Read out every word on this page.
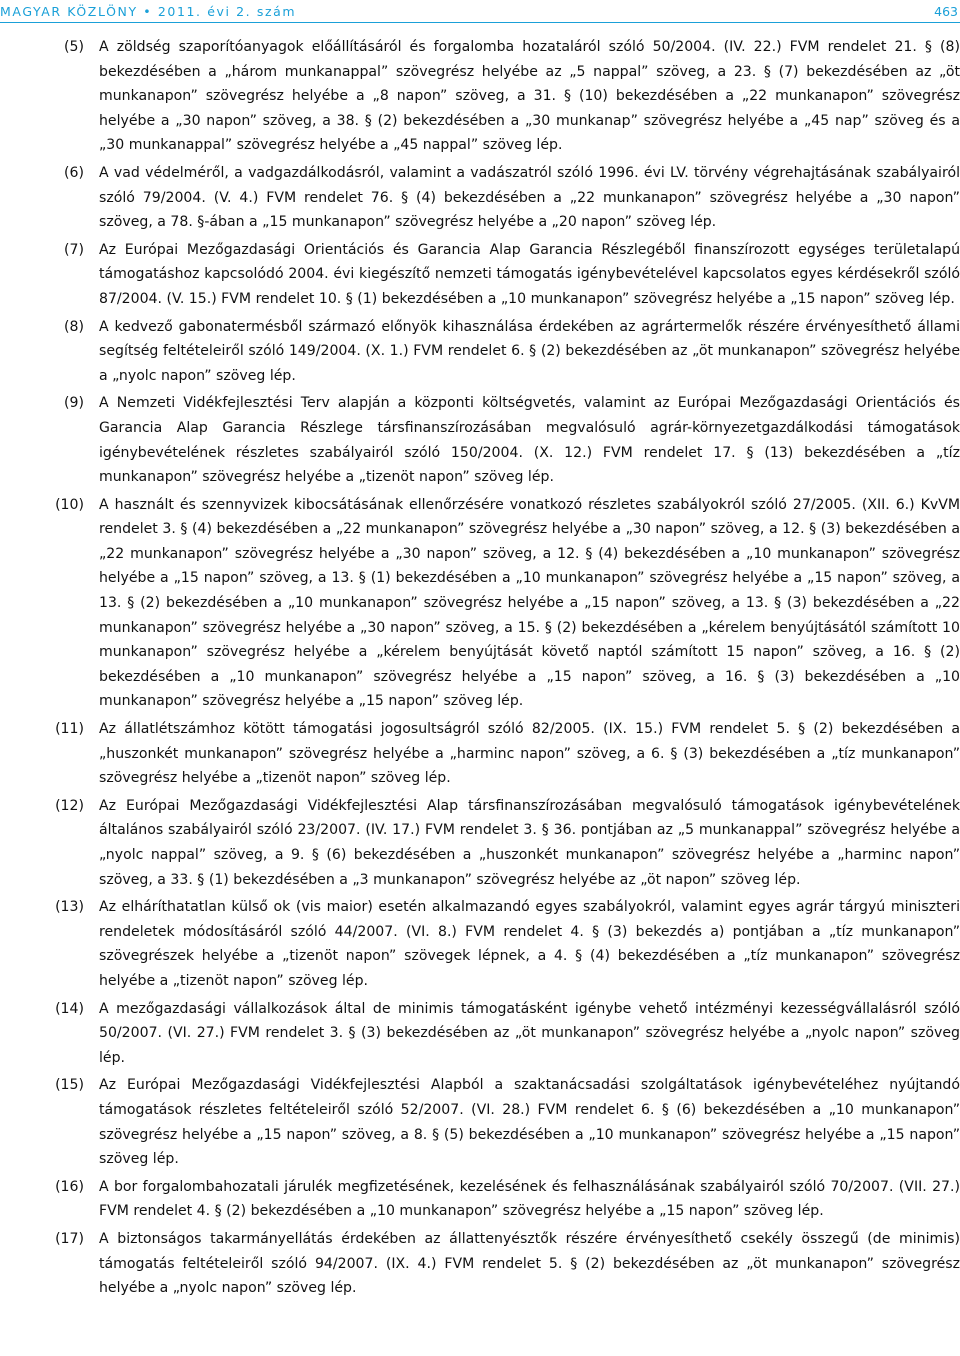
MAGYAR KÖZLÖNY • 2011. évi 2. szám	463
(5) A zöldség szaporítóanyagok előállításáról és forgalomba hozataláról szóló 50/2004. (IV. 22.) FVM rendelet 21. § (8) bekezdésében a „három munkanappal” szövegrész helyébe az „5 nappal” szöveg, a 23. § (7) bekezdésében az „öt munkanapon” szövegrész helyébe a „8 napon” szöveg, a 31. § (10) bekezdésében a „22 munkanapon” szövegrész helyébe a „30 napon” szöveg, a 38. § (2) bekezdésében a „30 munkanap” szövegrész helyébe a „45 nap” szöveg és a „30 munkanappal” szövegrész helyébe a „45 nappal” szöveg lép.
(6) A vad védelméről, a vadgazdálkodásról, valamint a vadászatról szóló 1996. évi LV. törvény végrehajtásának szabályairól szóló 79/2004. (V. 4.) FVM rendelet 76. § (4) bekezdésében a „22 munkanapon” szövegrész helyébe a „30 napon” szöveg, a 78. §-ában a „15 munkanapon” szövegrész helyébe a „20 napon” szöveg lép.
(7) Az Európai Mezőgazdasági Orientációs és Garancia Alap Garancia Részlegéből finanszírozott egységes területalapú támogatáshoz kapcsolódó 2004. évi kiegészítő nemzeti támogatás igénybevételével kapcsolatos egyes kérdésekről szóló 87/2004. (V. 15.) FVM rendelet 10. § (1) bekezdésében a „10 munkanapon” szövegrész helyébe a „15 napon” szöveg lép.
(8) A kedvező gabonatermésből származó előnyök kihasználása érdekében az agrártermelők részére érvényesíthető állami segítség feltételeiről szóló 149/2004. (X. 1.) FVM rendelet 6. § (2) bekezdésében az „öt munkanapon” szövegrész helyébe a „nyolc napon” szöveg lép.
(9) A Nemzeti Vidékfejlesztési Terv alapján a központi költségvetés, valamint az Európai Mezőgazdasági Orientációs és Garancia Alap Garancia Részlege társfinanszírozásában megvalósuló agrár-környezetgazdálkodási támogatások igénybevételének részletes szabályairól szóló 150/2004. (X. 12.) FVM rendelet 17. § (13) bekezdésében a „tíz munkanapon” szövegrész helyébe a „tizenöt napon” szöveg lép.
(10) A használt és szennyvizek kibocsátásának ellenőrzésére vonatkozó részletes szabályokról szóló 27/2005. (XII. 6.) KvVM rendelet 3. § (4) bekezdésében a „22 munkanapon” szövegrész helyébe a „30 napon” szöveg, a 12. § (3) bekezdésében a „22 munkanapon” szövegrész helyébe a „30 napon” szöveg, a 12. § (4) bekezdésében a „10 munkanapon” szövegrész helyébe a „15 napon” szöveg, a 13. § (1) bekezdésében a „10 munkanapon” szövegrész helyébe a „15 napon” szöveg, a 13. § (2) bekezdésében a „10 munkanapon” szövegrész helyébe a „15 napon” szöveg, a 13. § (3) bekezdésében a „22 munkanapon” szövegrész helyébe a „30 napon” szöveg, a 15. § (2) bekezdésében a „kérelem benyújtásától számított 10 munkanapon” szövegrész helyébe a „kérelem benyújtását követő naptól számított 15 napon” szöveg, a 16. § (2) bekezdésében a „10 munkanapon” szövegrész helyébe a „15 napon” szöveg, a 16. § (3) bekezdésében a „10 munkanapon” szövegrész helyébe a „15 napon” szöveg lép.
(11) Az állatlétszámhoz kötött támogatási jogosultságról szóló 82/2005. (IX. 15.) FVM rendelet 5. § (2) bekezdésében a „huszonkét munkanapon” szövegrész helyébe a „harminc napon” szöveg, a 6. § (3) bekezdésében a „tíz munkanapon” szövegrész helyébe a „tizenöt napon” szöveg lép.
(12) Az Európai Mezőgazdasági Vidékfejlesztési Alap társfinanszírozásában megvalósuló támogatások igénybevételének általános szabályairól szóló 23/2007. (IV. 17.) FVM rendelet 3. § 36. pontjában az „5 munkanappal” szövegrész helyébe a „nyolc nappal” szöveg, a 9. § (6) bekezdésében a „huszonkét munkanapon” szövegrész helyébe a „harminc napon” szöveg, a 33. § (1) bekezdésében a „3 munkanapon” szövegrész helyébe az „öt napon” szöveg lép.
(13) Az elháríthatatlan külső ok (vis maior) esetén alkalmazandó egyes szabályokról, valamint egyes agrár tárgyú miniszteri rendeletek módosításáról szóló 44/2007. (VI. 8.) FVM rendelet 4. § (3) bekezdés a) pontjában a „tíz munkanapon” szövegrészek helyébe a „tizenöt napon” szövegek lépnek, a 4. § (4) bekezdésében a „tíz munkanapon” szövegrész helyébe a „tizenöt napon” szöveg lép.
(14) A mezőgazdasági vállalkozások által de minimis támogatásként igénybe vehető intézményi kezességvállalásról szóló 50/2007. (VI. 27.) FVM rendelet 3. § (3) bekezdésében az „öt munkanapon” szövegrész helyébe a „nyolc napon” szöveg lép.
(15) Az Európai Mezőgazdasági Vidékfejlesztési Alapból a szaktanácsadási szolgáltatások igénybevételéhez nyújtandó támogatások részletes feltételeiről szóló 52/2007. (VI. 28.) FVM rendelet 6. § (6) bekezdésében a „10 munkanapon” szövegrész helyébe a „15 napon” szöveg, a 8. § (5) bekezdésében a „10 munkanapon” szövegrész helyébe a „15 napon” szöveg lép.
(16) A bor forgalombahozatali járulék megfizetésének, kezelésének és felhasználásának szabályairól szóló 70/2007. (VII. 27.) FVM rendelet 4. § (2) bekezdésében a „10 munkanapon” szövegrész helyébe a „15 napon” szöveg lép.
(17) A biztonságos takarmányellátás érdekében az állattenyésztők részére érvényesíthető csekély összegű (de minimis) támogatás feltételeiről szóló 94/2007. (IX. 4.) FVM rendelet 5. § (2) bekezdésében az „öt munkanapon” szövegrész helyébe a „nyolc napon” szöveg lép.
